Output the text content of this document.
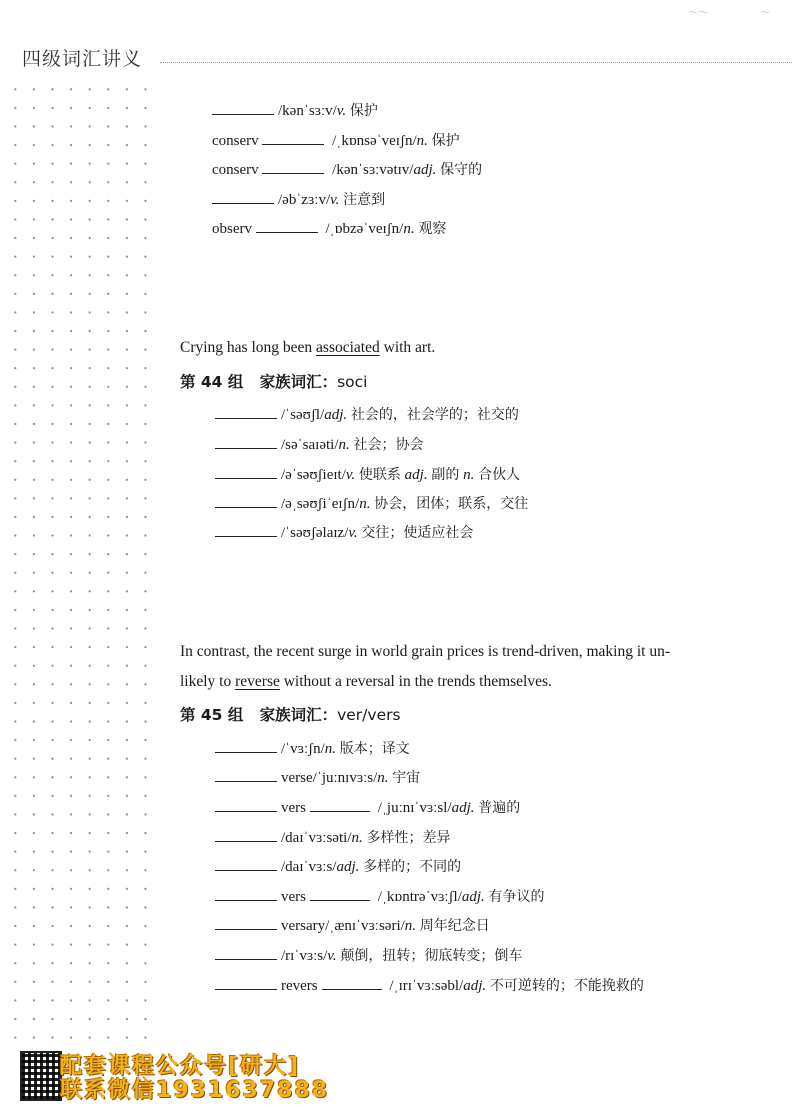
四级词汇讲义
～～	～
/kənˈsɜːv/v. 保护
conserv	/ˌkɒnsəˈveɪʃn/n. 保护
conserv	/kənˈsɜːvətɪv/adj. 保守的
/əbˈzɜːv/v. 注意到
observ	/ˌɒbzəˈveɪʃn/n. 观察
Crying has long been associated with art.
第 44 组 家族词汇：soci
/ˈsəʊʃl/adj. 社会的，社会学的；社交的
/səˈsaɪəti/n. 社会；协会
/əˈsəʊʃieɪt/v. 使联系 adj. 副的 n. 合伙人
/əˌsəʊʃiˈeɪʃn/n. 协会，团体；联系，交往
/ˈsəʊʃəlaɪz/v. 交往；使适应社会
In contrast, the recent surge in world grain prices is trend-driven, making it un-
likely to reverse without a reversal in the trends themselves.
第 45 组 家族词汇：ver/vers
/ˈvɜːʃn/n. 版本；译文
verse/ˈjuːnɪvɜːs/n. 宇宙
vers	/ˌjuːnɪˈvɜːsl/adj. 普遍的
/daɪˈvɜːsəti/n. 多样性；差异
/daɪˈvɜːs/adj. 多样的；不同的
vers	/ˌkɒntrəˈvɜːʃl/adj. 有争议的
versary/ˌænɪˈvɜːsəri/n. 周年纪念日
/rɪˈvɜːs/v. 颠倒，扭转；彻底转变；倒车
revers	/ˌɪrɪˈvɜːsəbl/adj. 不可逆转的；不能挽救的
配套课程公众号[研大]
联系微信1931637888
